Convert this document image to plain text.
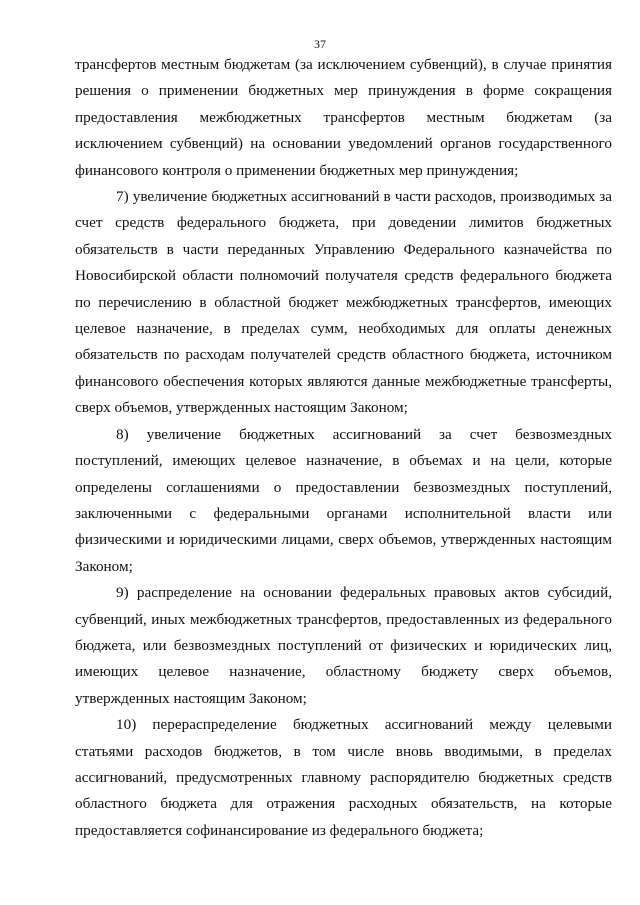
37

трансфертов местным бюджетам (за исключением субвенций), в случае принятия решения о применении бюджетных мер принуждения в форме сокращения предоставления межбюджетных трансфертов местным бюджетам (за исключением субвенций) на основании уведомлений органов государственного финансового контроля о применении бюджетных мер принуждения;

7) увеличение бюджетных ассигнований в части расходов, производимых за счет средств федерального бюджета, при доведении лимитов бюджетных обязательств в части переданных Управлению Федерального казначейства по Новосибирской области полномочий получателя средств федерального бюджета по перечислению в областной бюджет межбюджетных трансфертов, имеющих целевое назначение, в пределах сумм, необходимых для оплаты денежных обязательств по расходам получателей средств областного бюджета, источником финансового обеспечения которых являются данные межбюджетные трансферты, сверх объемов, утвержденных настоящим Законом;

8) увеличение бюджетных ассигнований за счет безвозмездных поступлений, имеющих целевое назначение, в объемах и на цели, которые определены соглашениями о предоставлении безвозмездных поступлений, заключенными с федеральными органами исполнительной власти или физическими и юридическими лицами, сверх объемов, утвержденных настоящим Законом;

9) распределение на основании федеральных правовых актов субсидий, субвенций, иных межбюджетных трансфертов, предоставленных из федерального бюджета, или безвозмездных поступлений от физических и юридических лиц, имеющих целевое назначение, областному бюджету сверх объемов, утвержденных настоящим Законом;

10) перераспределение бюджетных ассигнований между целевыми статьями расходов бюджетов, в том числе вновь вводимыми, в пределах ассигнований, предусмотренных главному распорядителю бюджетных средств областного бюджета для отражения расходных обязательств, на которые предоставляется софинансирование из федерального бюджета;
